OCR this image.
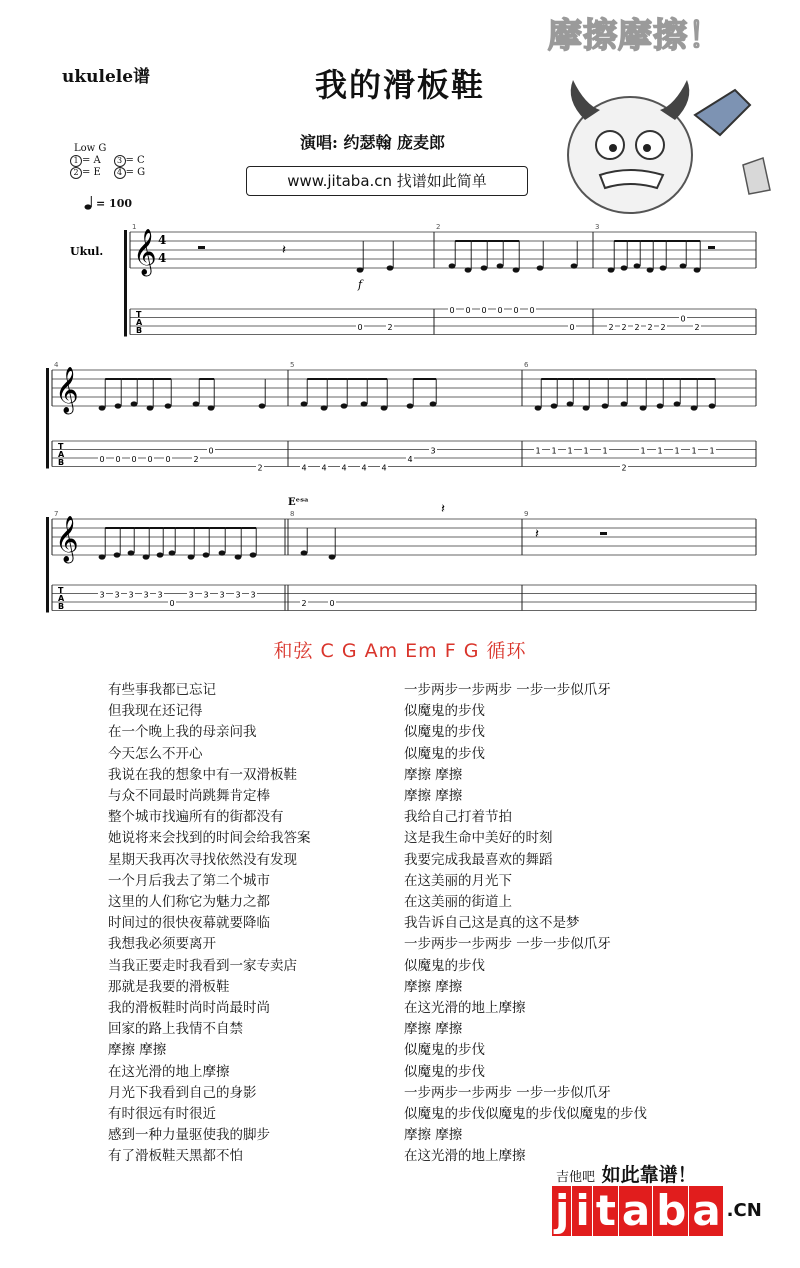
ukulele谱	我的滑板鞋
演唱: 约瑟翰 庞麦郎
www.jitaba.cn 找谱如此简单
摩擦摩擦！
Low G
1 = A 3 = C
2 = E 4 = G
= 100
𝄞
T
A
B
1	2	3
0	2
0 0 0 0 0 0
0	2 2 2 2 2
0
2
𝄞
T
A
B
4	5	6
0 0 0 0 0	2
0
2	4 4 4 4 4
4
3	1 1 1 1 1
2
1 1 1 1 1
𝄞
T
A
B
7	8	9
3 3 3 3 3
0
3 3 3 3 3
2	0
4
4	𝄽
𝄽
𝄽
f
Eᵉˢᵃ
Ukul.
和弦 C G Am Em F G 循环
有些事我都已忘记
但我现在还记得
在一个晚上我的母亲问我
今天怎么不开心
我说在我的想象中有一双滑板鞋
与众不同最时尚跳舞肯定棒
整个城市找遍所有的街都没有
她说将来会找到的时间会给我答案
星期天我再次寻找依然没有发现
一个月后我去了第二个城市
这里的人们称它为魅力之都
时间过的很快夜幕就要降临
我想我必须要离开
当我正要走时我看到一家专卖店
那就是我要的滑板鞋
我的滑板鞋时尚时尚最时尚
回家的路上我情不自禁
摩擦 摩擦
在这光滑的地上摩擦
月光下我看到自己的身影
有时很远有时很近
感到一种力量驱使我的脚步
有了滑板鞋天黑都不怕
一步两步一步两步 一步一步似爪牙
似魔鬼的步伐
似魔鬼的步伐
似魔鬼的步伐
摩擦 摩擦
摩擦 摩擦
我给自己打着节拍
这是我生命中美好的时刻
我要完成我最喜欢的舞蹈
在这美丽的月光下
在这美丽的街道上
我告诉自己这是真的这不是梦
一步两步一步两步 一步一步似爪牙
似魔鬼的步伐
摩擦 摩擦
在这光滑的地上摩擦
摩擦 摩擦
似魔鬼的步伐
似魔鬼的步伐
一步两步一步两步 一步一步似爪牙
似魔鬼的步伐似魔鬼的步伐似魔鬼的步伐
摩擦 摩擦
在这光滑的地上摩擦
吉他吧 如此靠谱！
j i t a b a .CN
